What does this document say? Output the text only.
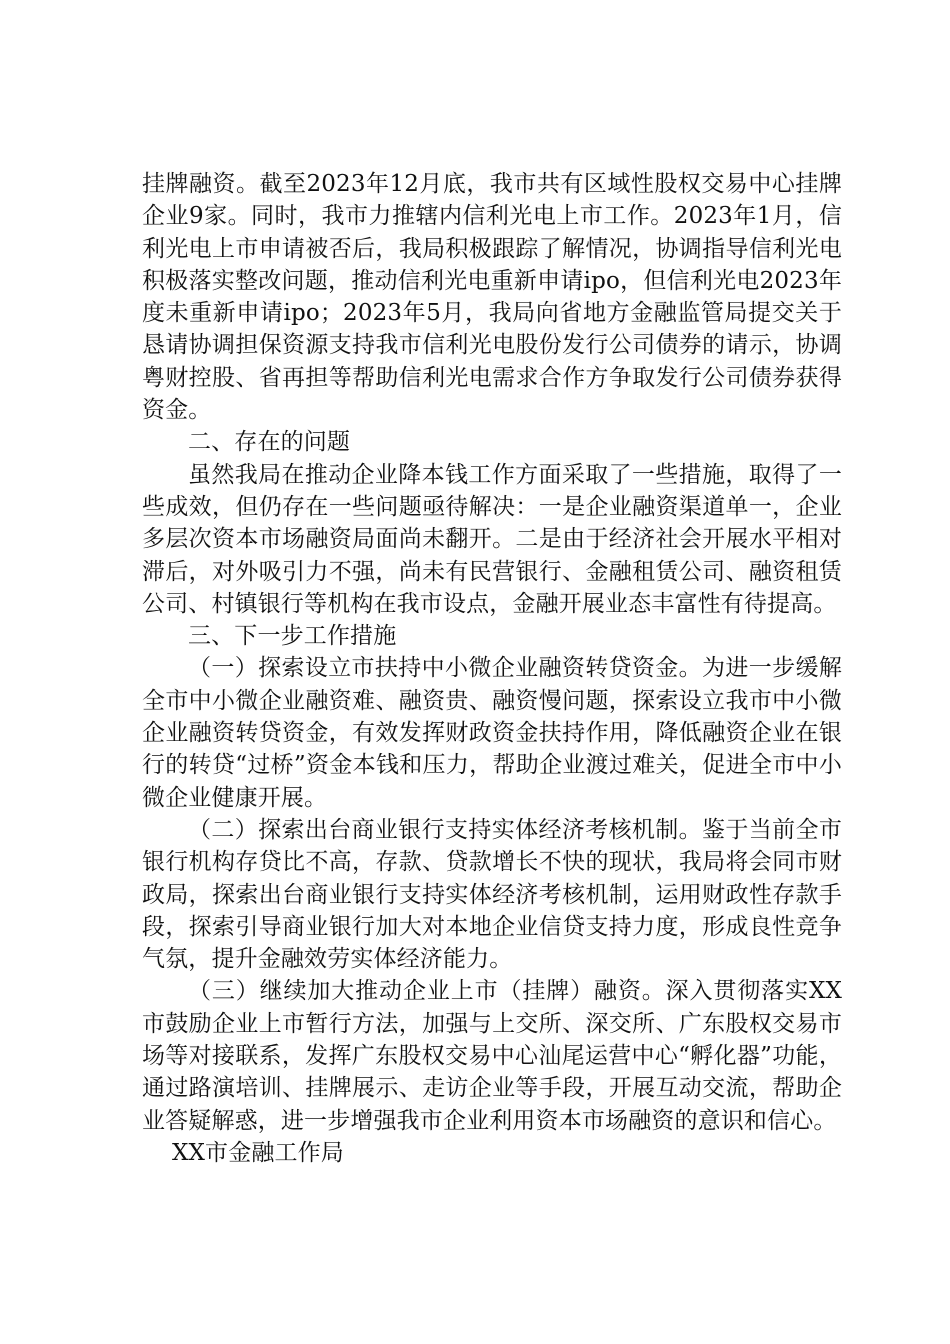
挂牌融资。截至2023年12月底，我市共有区域性股权交易中心挂牌企业9家。同时，我市力推辖内信利光电上市工作。2023年1月，信利光电上市申请被否后，我局积极跟踪了解情况，协调指导信利光电积极落实整改问题，推动信利光电重新申请ipo，但信利光电2023年度未重新申请ipo；2023年5月，我局向省地方金融监管局提交关于恳请协调担保资源支持我市信利光电股份发行公司债券的请示，协调粤财控股、省再担等帮助信利光电需求合作方争取发行公司债券获得资金。

二、存在的问题

虽然我局在推动企业降本钱工作方面采取了一些措施，取得了一些成效，但仍存在一些问题亟待解决：一是企业融资渠道单一，企业多层次资本市场融资局面尚未翻开。二是由于经济社会开展水平相对滞后，对外吸引力不强，尚未有民营银行、金融租赁公司、融资租赁公司、村镇银行等机构在我市设点，金融开展业态丰富性有待提高。

三、下一步工作措施

（一）探索设立市扶持中小微企业融资转贷资金。为进一步缓解全市中小微企业融资难、融资贵、融资慢问题，探索设立我市中小微企业融资转贷资金，有效发挥财政资金扶持作用，降低融资企业在银行的转贷“过桥”资金本钱和压力，帮助企业渡过难关，促进全市中小微企业健康开展。

（二）探索出台商业银行支持实体经济考核机制。鉴于当前全市银行机构存贷比不高，存款、贷款增长不快的现状，我局将会同市财政局，探索出台商业银行支持实体经济考核机制，运用财政性存款手段，探索引导商业银行加大对本地企业信贷支持力度，形成良性竞争气氛，提升金融效劳实体经济能力。

（三）继续加大推动企业上市（挂牌）融资。深入贯彻落实XX市鼓励企业上市暂行方法，加强与上交所、深交所、广东股权交易市场等对接联系，发挥广东股权交易中心汕尾运营中心“孵化器”功能，通过路演培训、挂牌展示、走访企业等手段，开展互动交流，帮助企业答疑解惑，进一步增强我市企业利用资本市场融资的意识和信心。

XX市金融工作局
